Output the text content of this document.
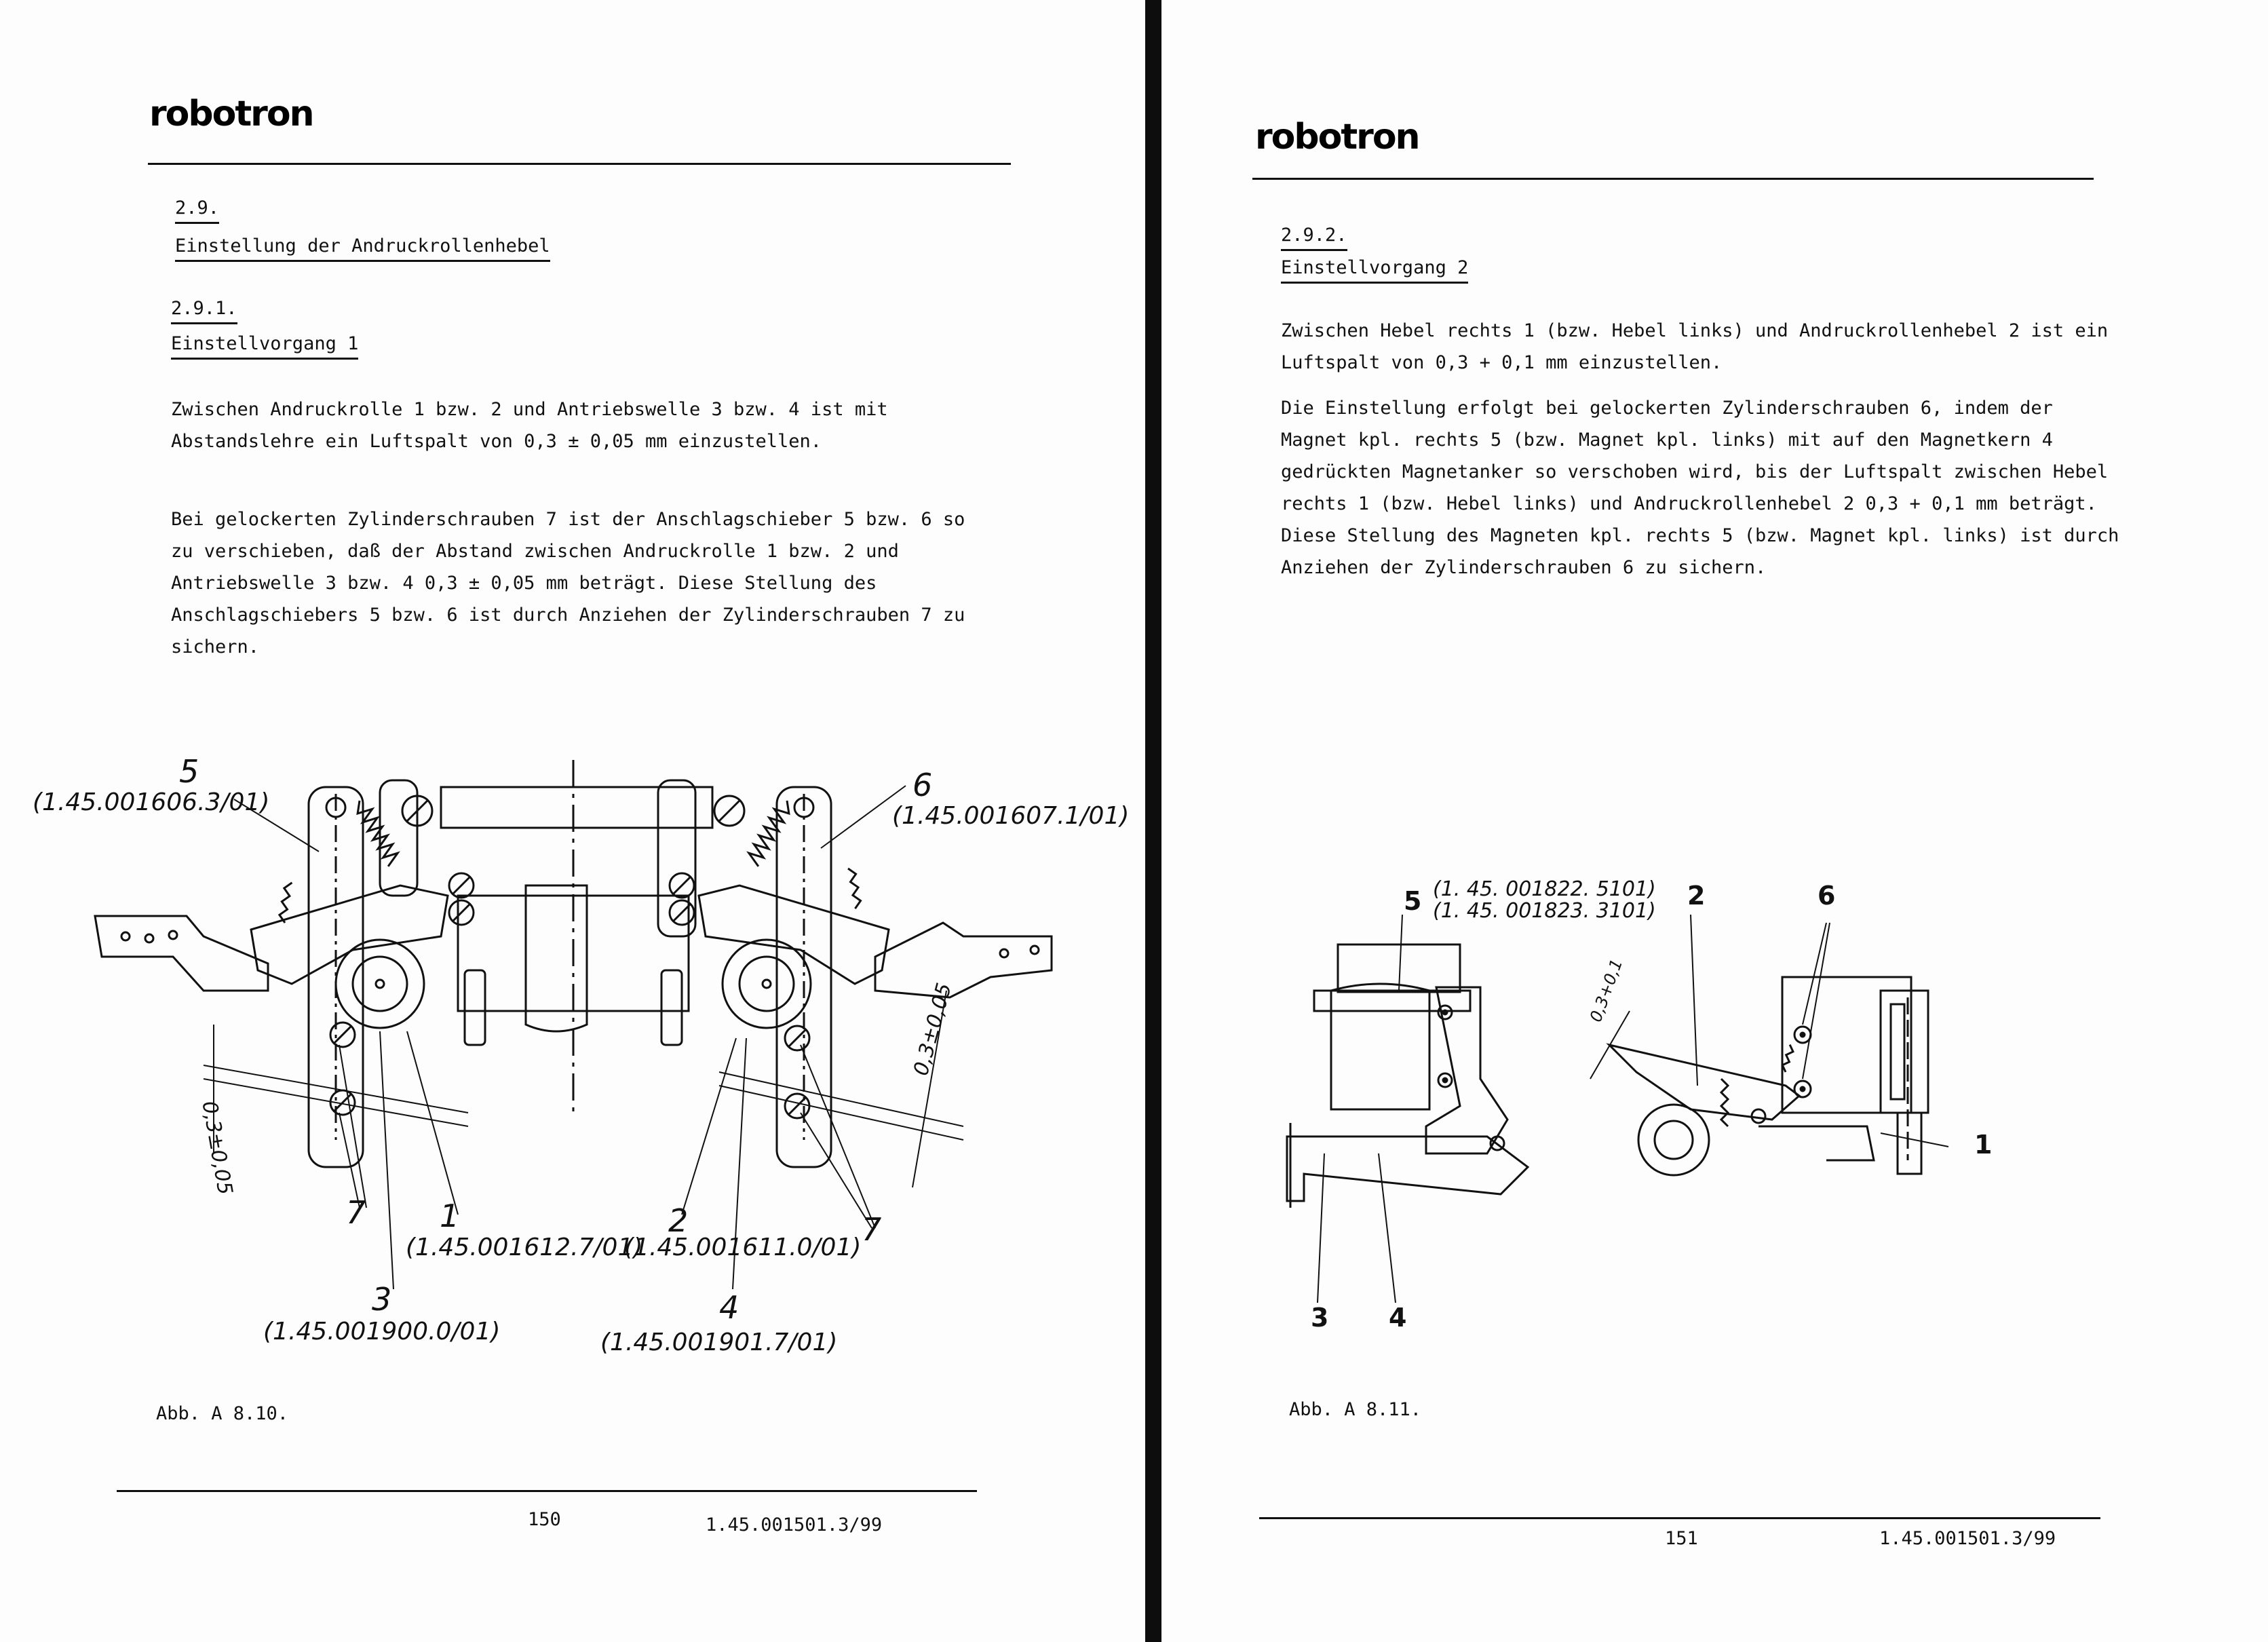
robotron
2.9.
Einstellung der Andruckrollenhebel
2.9.1.
Einstellvorgang 1

Zwischen Andruckrolle 1 bzw. 2 und Antriebswelle 3 bzw. 4 ist mit Abstandslehre ein Luftspalt von 0,3 ± 0,05 mm einzustellen.

Bei gelockerten Zylinderschrauben 7 ist der Anschlagschieber 5 bzw. 6 so zu verschieben, daß der Abstand zwischen Andruckrolle 1 bzw. 2 und Antriebswelle 3 bzw. 4 0,3 ± 0,05 mm beträgt. Diese Stellung des Anschlagschiebers 5 bzw. 6 ist durch Anziehen der Zylinderschrauben 7 zu sichern.

5
(1.45.001606.3/01)	6
(1.45.001607.1/01)
0,3±0,05
0,3±0,05
7 1
(1.45.001612.7/01)
2
(1.45.001611.0/01) 7
3
(1.45.001900.0/01)
4
(1.45.001901.7/01)
Abb. A 8.10.
150	1.45.001501.3/99
robotron
2.9.2.
Einstellvorgang 2

Zwischen Hebel rechts 1 (bzw. Hebel links) und Andruckrollenhebel 2 ist ein Luftspalt von 0,3 + 0,1 mm einzustellen.

Die Einstellung erfolgt bei gelockerten Zylinderschrauben 6, indem der Magnet kpl. rechts 5 (bzw. Magnet kpl. links) mit auf den Magnetkern 4 gedrückten Magnetanker so verschoben wird, bis der Luftspalt zwischen Hebel rechts 1 (bzw. Hebel links) und Andruckrollenhebel 2 0,3 + 0,1 mm beträgt. Diese Stellung des Magneten kpl. rechts 5 (bzw. Magnet kpl. links) ist durch Anziehen der Zylinderschrauben 6 zu sichern.

5 (1. 45. 001822. 5101)
(1. 45. 001823. 3101)
2	6
0,3+0,1
1
3 4
Abb. A 8.11.
151	1.45.001501.3/99
